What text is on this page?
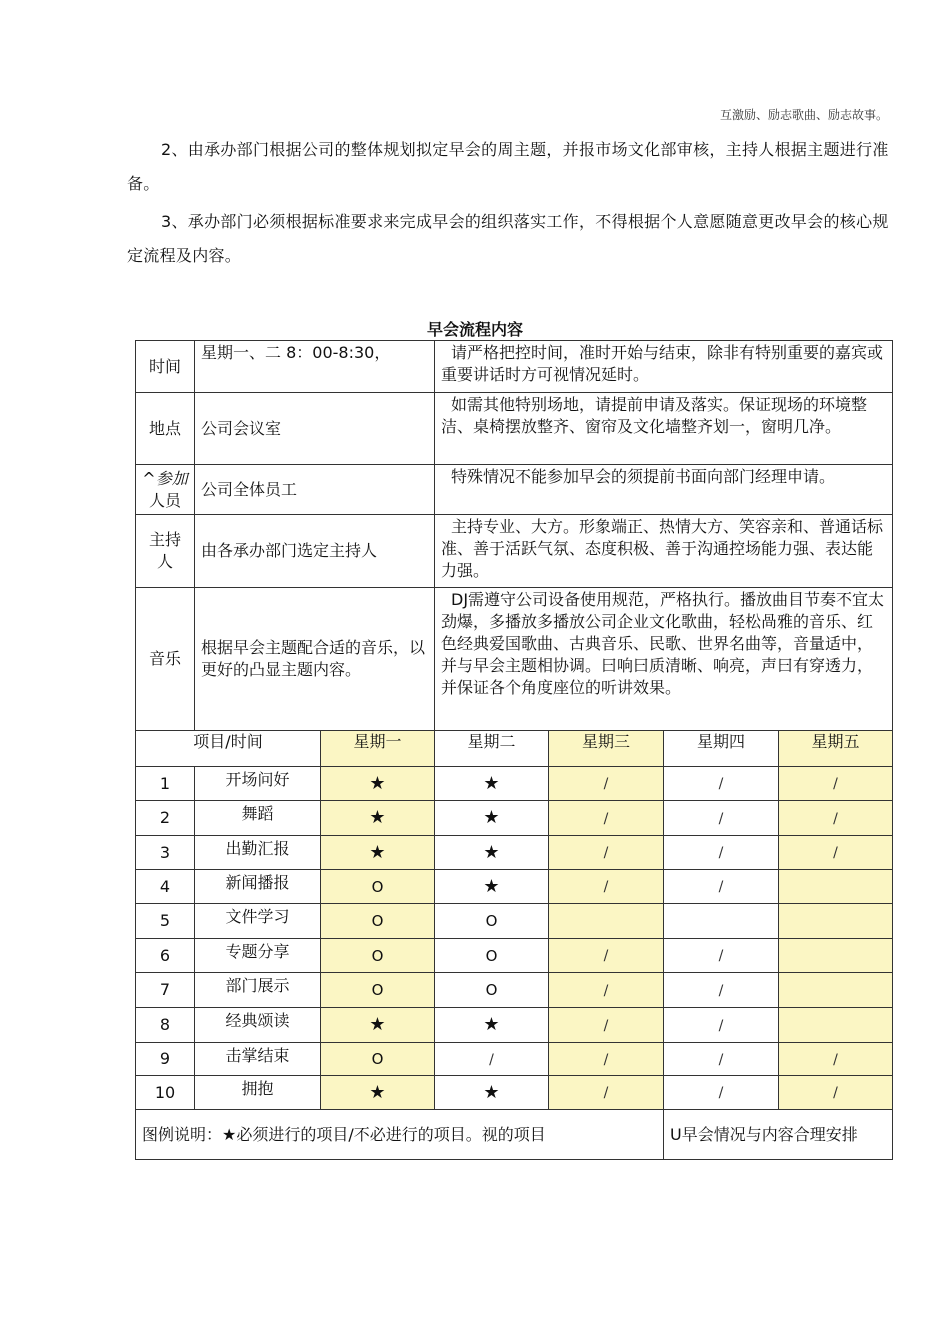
互激励、励志歌曲、励志故事。
2、由承办部门根据公司的整体规划拟定早会的周主题，并报市场文化部审核，主持人根据主题进行准备。
3、承办部门必须根据标准要求来完成早会的组织落实工作，不得根据个人意愿随意更改早会的核心规定流程及内容。
早会流程内容
时间	星期一、二 8：00-8:30，		请严格把控时间，准时开始与结束，除非有特别重要的嘉宾或重要讲话时方可视情况延时。			
地点	公司会议室		如需其他特别场地，请提前申请及落实。保证现场的环境整洁、桌椅摆放整齐、窗帘及文化墙整齐划一，窗明几净。			

^参加
人员	公司全体员工		特殊情况不能参加早会的须提前书面向部门经理申请。			

主持
人	由各承办部门选定主持人		主持专业、大方。形象端正、热情大方、笑容亲和、普通话标准、善于活跃气氛、态度积极、善于沟通控场能力强、表达能力强。			
音乐	根据早会主题配合适的音乐，以更好的凸显主题内容。		DJ需遵守公司设备使用规范，严格执行。播放曲目节奏不宜太劲爆，多播放多播放公司企业文化歌曲，轻松咼雅的音乐、红色经典爱国歌曲、古典音乐、民歌、世界名曲等，音量适中，并与早会主题相协调。曰响曰质清晰、响亮，声曰有穿透力，并保证各个角度座位的听讲效果。			
项目/时间		星期一	星期二	星期三	星期四	星期五
1	开场问好	★	★	/	/	/
2	舞蹈	★	★	/	/	/
3	出勤汇报	★	★	/	/	/
4	新闻播报	O	★	/	/	
5	文件学习	O	O			
6	专题分享	O	O	/	/	
7	部门展示	O	O	/	/	
8	经典颂读	★	★	/	/	
9	击掌结束	O	/	/	/	/
10	拥抱	★	★	/	/	/
图例说明：★必须进行的项目/不必进行的项目。视的项目					U早会情况与内容合理安排	
